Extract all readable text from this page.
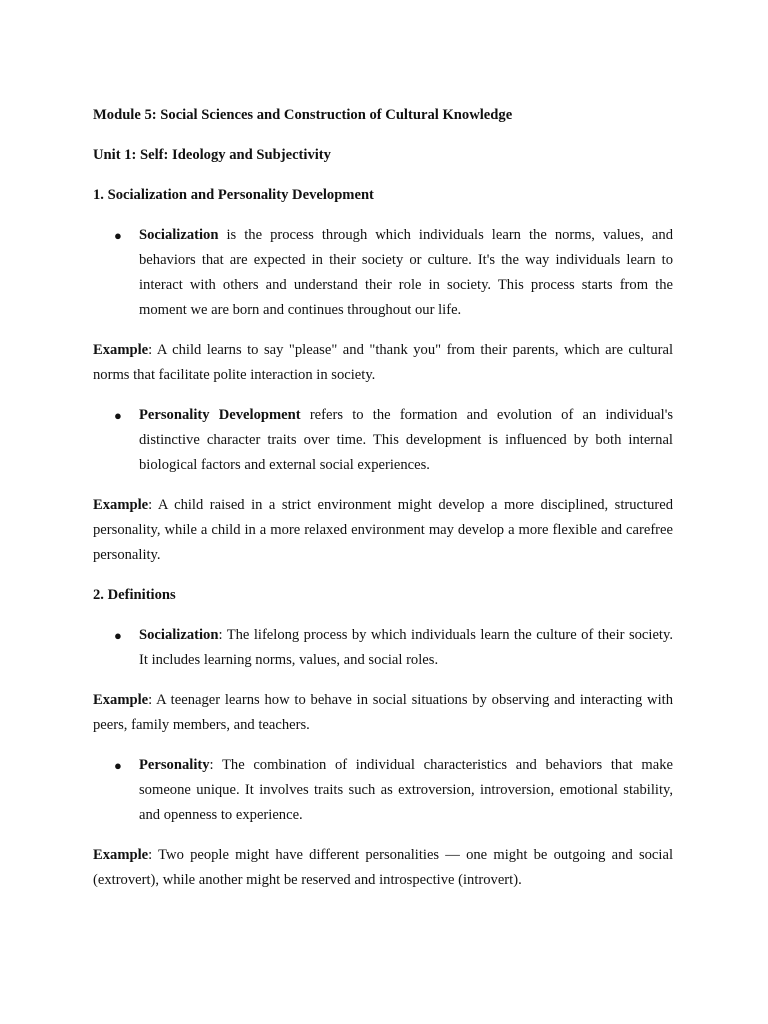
Module 5: Social Sciences and Construction of Cultural Knowledge
Unit 1: Self: Ideology and Subjectivity
1. Socialization and Personality Development
● Socialization is the process through which individuals learn the norms, values, and behaviors that are expected in their society or culture. It's the way individuals learn to interact with others and understand their role in society. This process starts from the moment we are born and continues throughout our life.

Example: A child learns to say "please" and "thank you" from their parents, which are cultural norms that facilitate polite interaction in society.

● Personality Development refers to the formation and evolution of an individual's distinctive character traits over time. This development is influenced by both internal biological factors and external social experiences.

Example: A child raised in a strict environment might develop a more disciplined, structured personality, while a child in a more relaxed environment may develop a more flexible and carefree personality.

2. Definitions
● Socialization: The lifelong process by which individuals learn the culture of their society. It includes learning norms, values, and social roles.

Example: A teenager learns how to behave in social situations by observing and interacting with peers, family members, and teachers.

● Personality: The combination of individual characteristics and behaviors that make someone unique. It involves traits such as extroversion, introversion, emotional stability, and openness to experience.

Example: Two people might have different personalities — one might be outgoing and social (extrovert), while another might be reserved and introspective (introvert).
